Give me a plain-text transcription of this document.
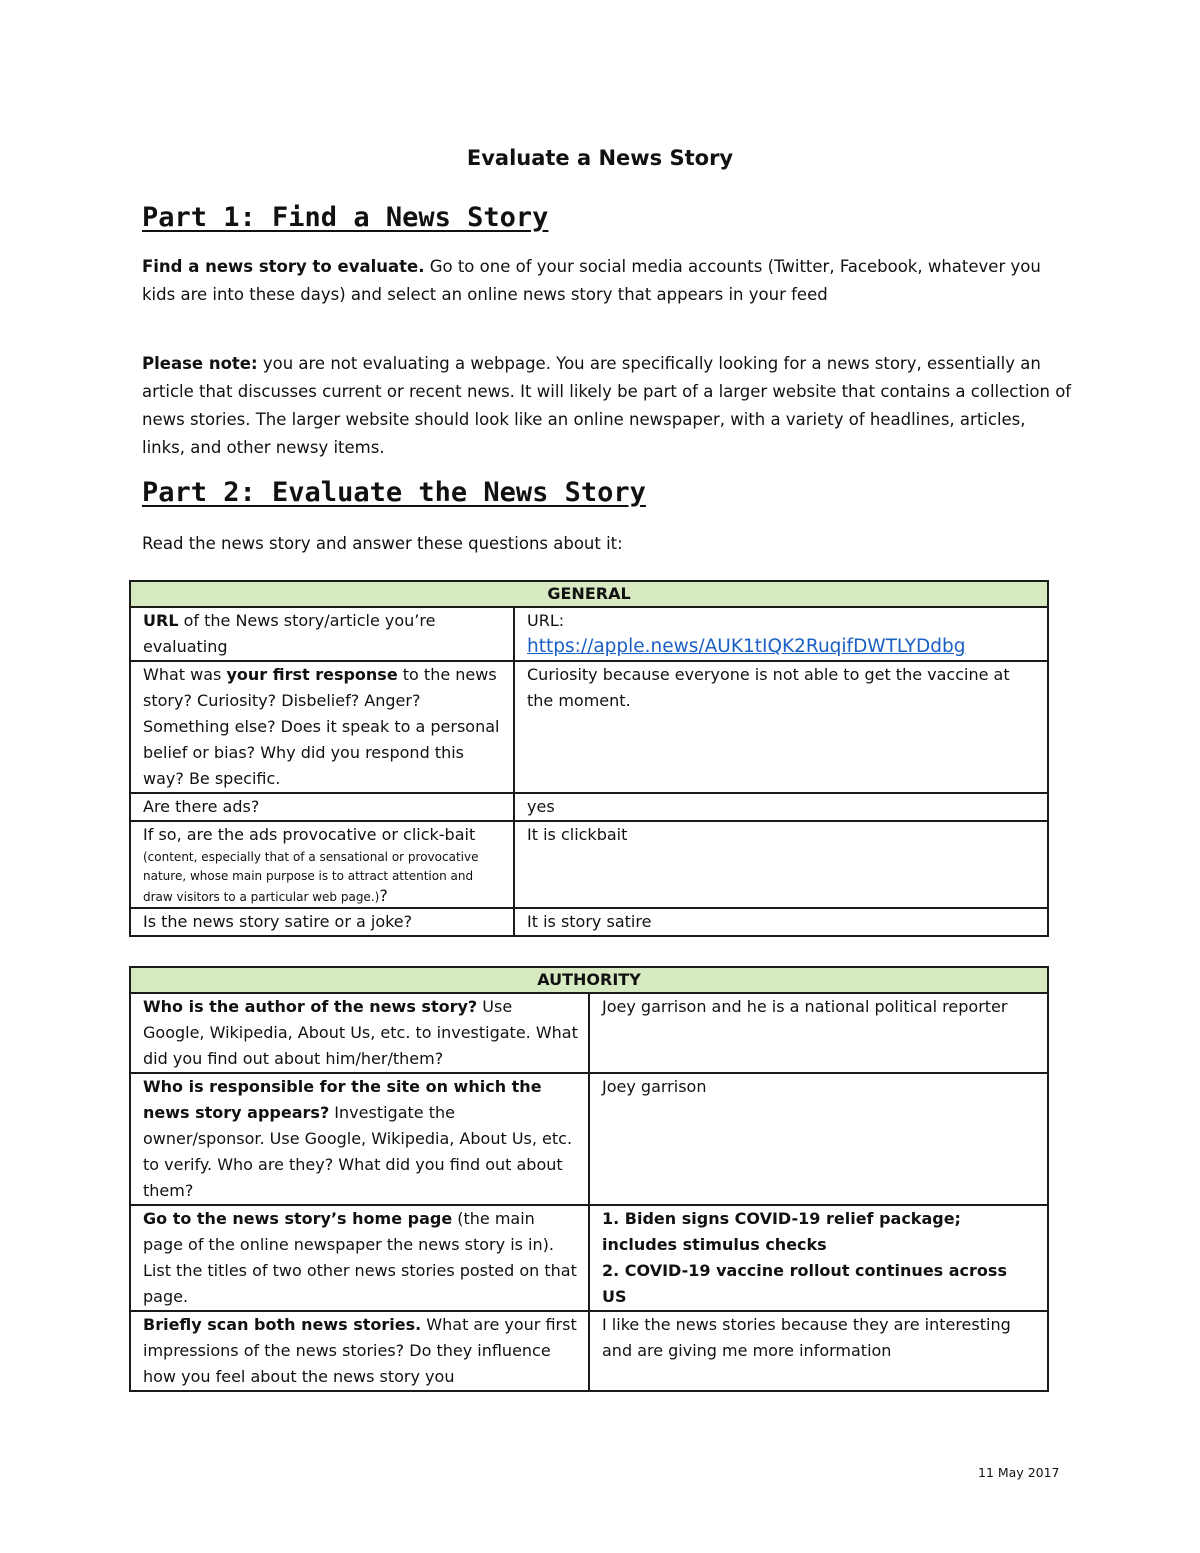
Evaluate a News Story
Part 1: Find a News Story

Find a news story to evaluate. Go to one of your social media accounts (Twitter, Facebook, whatever you kids are into these days) and select an online news story that appears in your feed

Please note: you are not evaluating a webpage. You are specifically looking for a news story, essentially an article that discusses current or recent news. It will likely be part of a larger website that contains a collection of news stories. The larger website should look like an online newspaper, with a variety of headlines, articles, links, and other newsy items.

Part 2: Evaluate the News Story

Read the news story and answer these questions about it:

GENERAL	
URL of the News story/article you’re evaluating	URL:
https://apple.news/AUK1tIQK2RuqifDWTLYDdbg
What was your first response to the news story? Curiosity? Disbelief? Anger? Something else? Does it speak to a personal belief or bias? Why did you respond this way? Be specific.	Curiosity because everyone is not able to get the vaccine at the moment.
Are there ads?	yes
If so, are the ads provocative or click-bait
(content, especially that of a sensational or provocative nature, whose main purpose is to attract attention and draw visitors to a particular web page.)?	It is clickbait
Is the news story satire or a joke?	It is story satire
AUTHORITY	
Who is the author of the news story? Use Google, Wikipedia, About Us, etc. to investigate. What did you find out about him/her/them?	Joey garrison and he is a national political reporter
Who is responsible for the site on which the news story appears? Investigate the owner/sponsor. Use Google, Wikipedia, About Us, etc. to verify. Who are they? What did you find out about them?	Joey garrison
Go to the news story’s home page (the main page of the online newspaper the news story is in). List the titles of two other news stories posted on that page.	1. Biden signs COVID-19 relief package; includes stimulus checks
2. COVID-19 vaccine rollout continues across US

Briefly scan both news stories. What are your first impressions of the news stories? Do they influence how you feel about the news story you	I like the news stories because they are interesting and are giving me more information
11 May 2017
